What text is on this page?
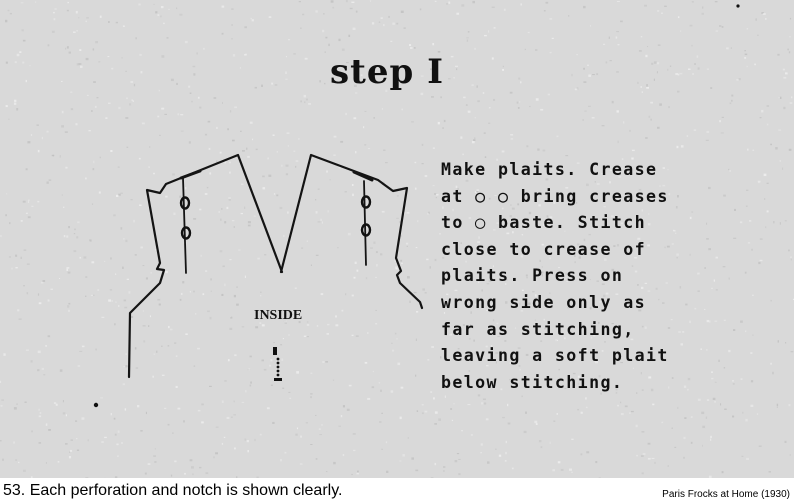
step I
INSIDE
Make plaits. Crease
at ○ ○ bring creases
to ◯ baste. Stitch
close to crease of
plaits. Press on
wrong side only as
far as stitching,
leaving a soft plait
below stitching.
53. Each perforation and notch is shown clearly.	Paris Frocks at Home (1930)
